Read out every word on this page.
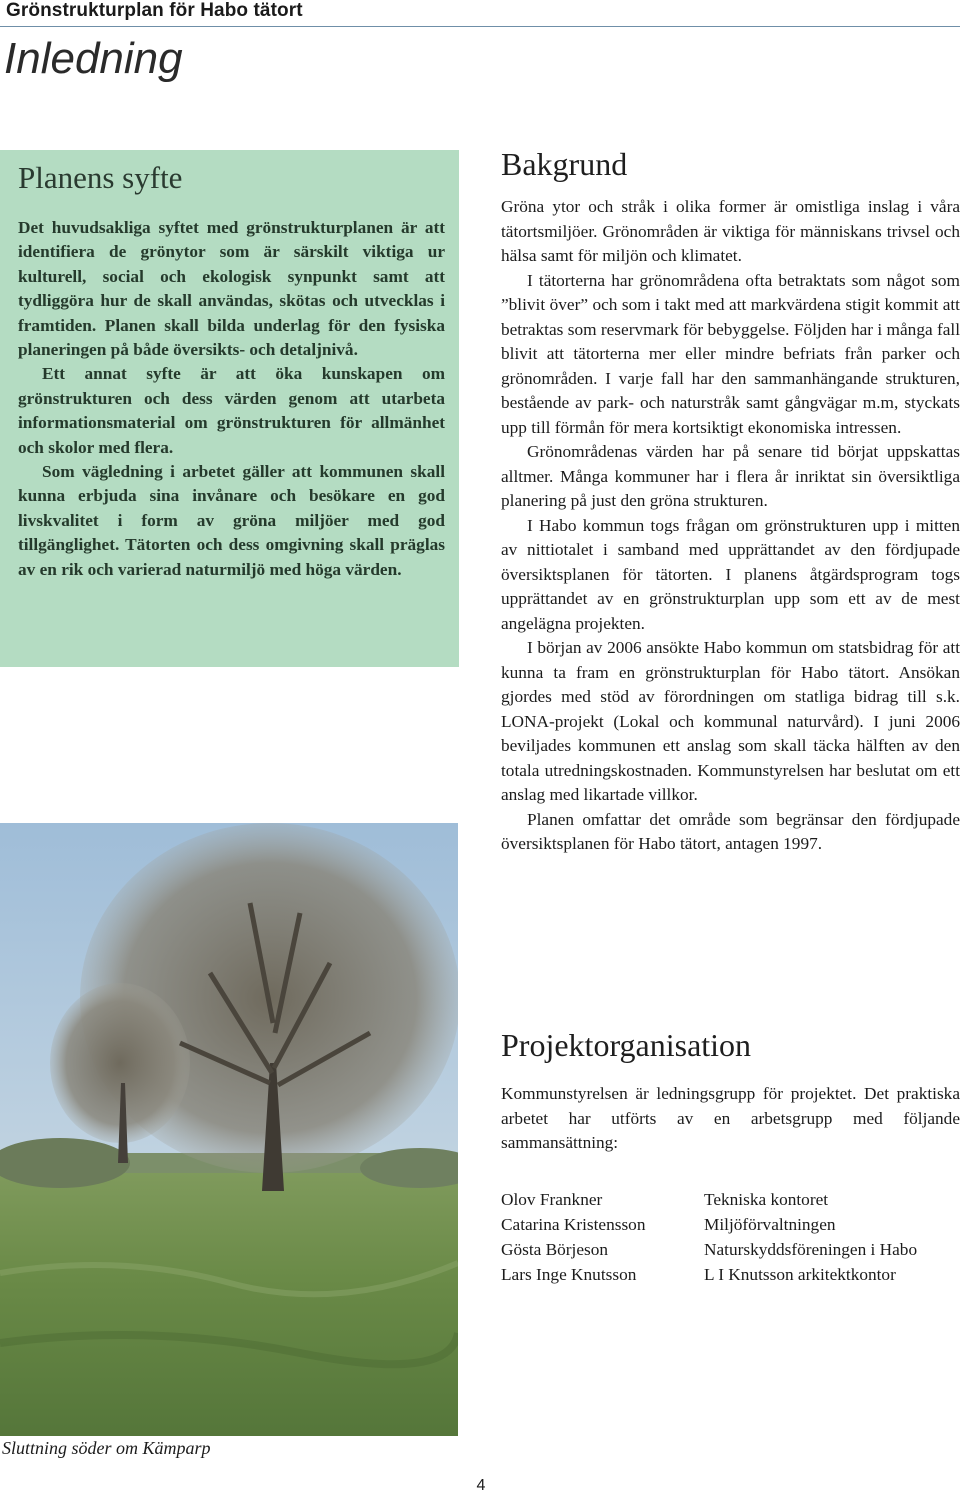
Grönstrukturplan för Habo tätort
Inledning
Planens syfte

Det huvudsakliga syftet med grönstrukturplanen är att identifiera de grönytor som är särskilt viktiga ur kulturell, social och ekologisk synpunkt samt att tydliggöra hur de skall användas, skötas och utvecklas i framtiden. Planen skall bilda underlag för den fysiska planeringen på både översikts- och detaljnivå.

Ett annat syfte är att öka kunskapen om grönstrukturen och dess värden genom att utarbeta informationsmaterial om grönstrukturen för allmänhet och skolor med flera.

Som vägledning i arbetet gäller att kommunen skall kunna erbjuda sina invånare och besökare en god livskvalitet i form av gröna miljöer med god tillgänglighet. Tätorten och dess omgivning skall präglas av en rik och varierad naturmiljö med höga värden.

Bakgrund

Gröna ytor och stråk i olika former är omistliga inslag i våra tätortsmiljöer. Grönområden är viktiga för människans trivsel och hälsa samt för miljön och klimatet.

I tätorterna har grönområdena ofta betraktats som något som ”blivit över” och som i takt med att markvärdena stigit kommit att betraktas som reservmark för bebyggelse. Följden har i många fall blivit att tätorterna mer eller mindre befriats från parker och grönområden. I varje fall har den sammanhängande strukturen, bestående av park- och naturstråk samt gångvägar m.m, styckats upp till förmån för mera kortsiktigt ekonomiska intressen.

Grönområdenas värden har på senare tid börjat uppskattas alltmer. Många kommuner har i flera år inriktat sin översiktliga planering på just den gröna strukturen.

I Habo kommun togs frågan om grönstrukturen upp i mitten av nittiotalet i samband med upprättandet av den fördjupade översiktsplanen för tätorten. I planens åtgärdsprogram togs upprättandet av en grönstrukturplan upp som ett av de mest angelägna projekten.

I början av 2006 ansökte Habo kommun om statsbidrag för att kunna ta fram en grönstrukturplan för Habo tätort. Ansökan gjordes med stöd av förordningen om statliga bidrag till s.k. LONA-projekt (Lokal och kommunal naturvård). I juni 2006 beviljades kommunen ett anslag som skall täcka hälften av den totala utredningskostnaden. Kommunstyrelsen har beslutat om ett anslag med likartade villkor.

Planen omfattar det område som begränsar den fördjupade översiktsplanen för Habo tätort, antagen 1997.

Projektorganisation

Kommunstyrelsen är ledningsgrupp för projektet. Det praktiska arbetet har utförts av en arbetsgrupp med följande sammansättning:

Olov Frankner	Tekniska kontoret
Catarina Kristensson	Miljöförvaltningen
Gösta Börjeson	Naturskyddsföreningen i Habo
Lars Inge Knutsson	L I Knutsson arkitektkontor

Sluttning söder om Kämparp

4
